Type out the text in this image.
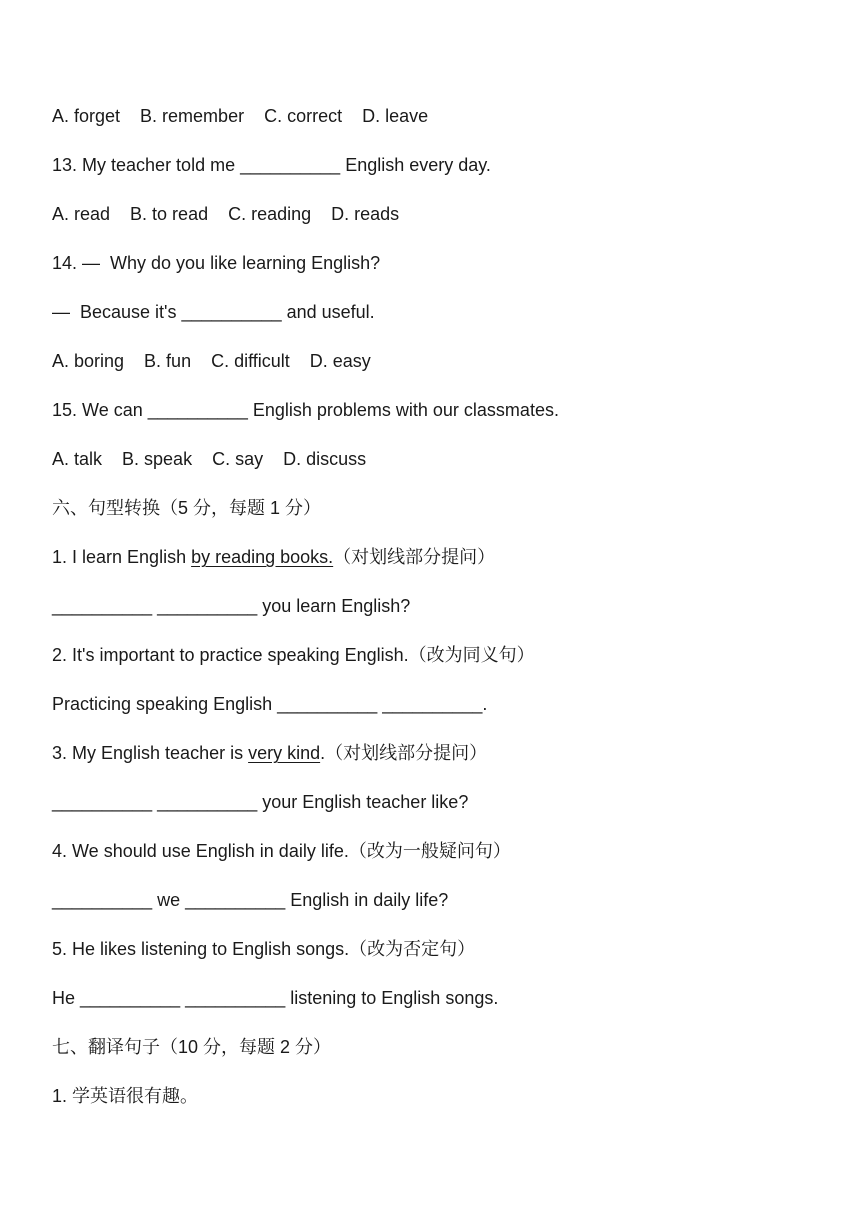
A. forget    B. remember    C. correct    D. leave
13. My teacher told me __________ English every day.
A. read    B. to read    C. reading    D. reads
14. —  Why do you like learning English?
—  Because it's __________ and useful.
A. boring    B. fun    C. difficult    D. easy
15. We can __________ English problems with our classmates.
A. talk    B. speak    C. say    D. discuss
六、句型转换（5 分，每题 1 分）
1. I learn English by reading books.（对划线部分提问）
__________ __________ you learn English?
2. It's important to practice speaking English.（改为同义句）
Practicing speaking English __________ __________.
3. My English teacher is very kind.（对划线部分提问）
__________ __________ your English teacher like?
4. We should use English in daily life.（改为一般疑问句）
__________ we __________ English in daily life?
5. He likes listening to English songs.（改为否定句）
He __________ __________ listening to English songs.
七、翻译句子（10 分，每题 2 分）
1. 学英语很有趣。
